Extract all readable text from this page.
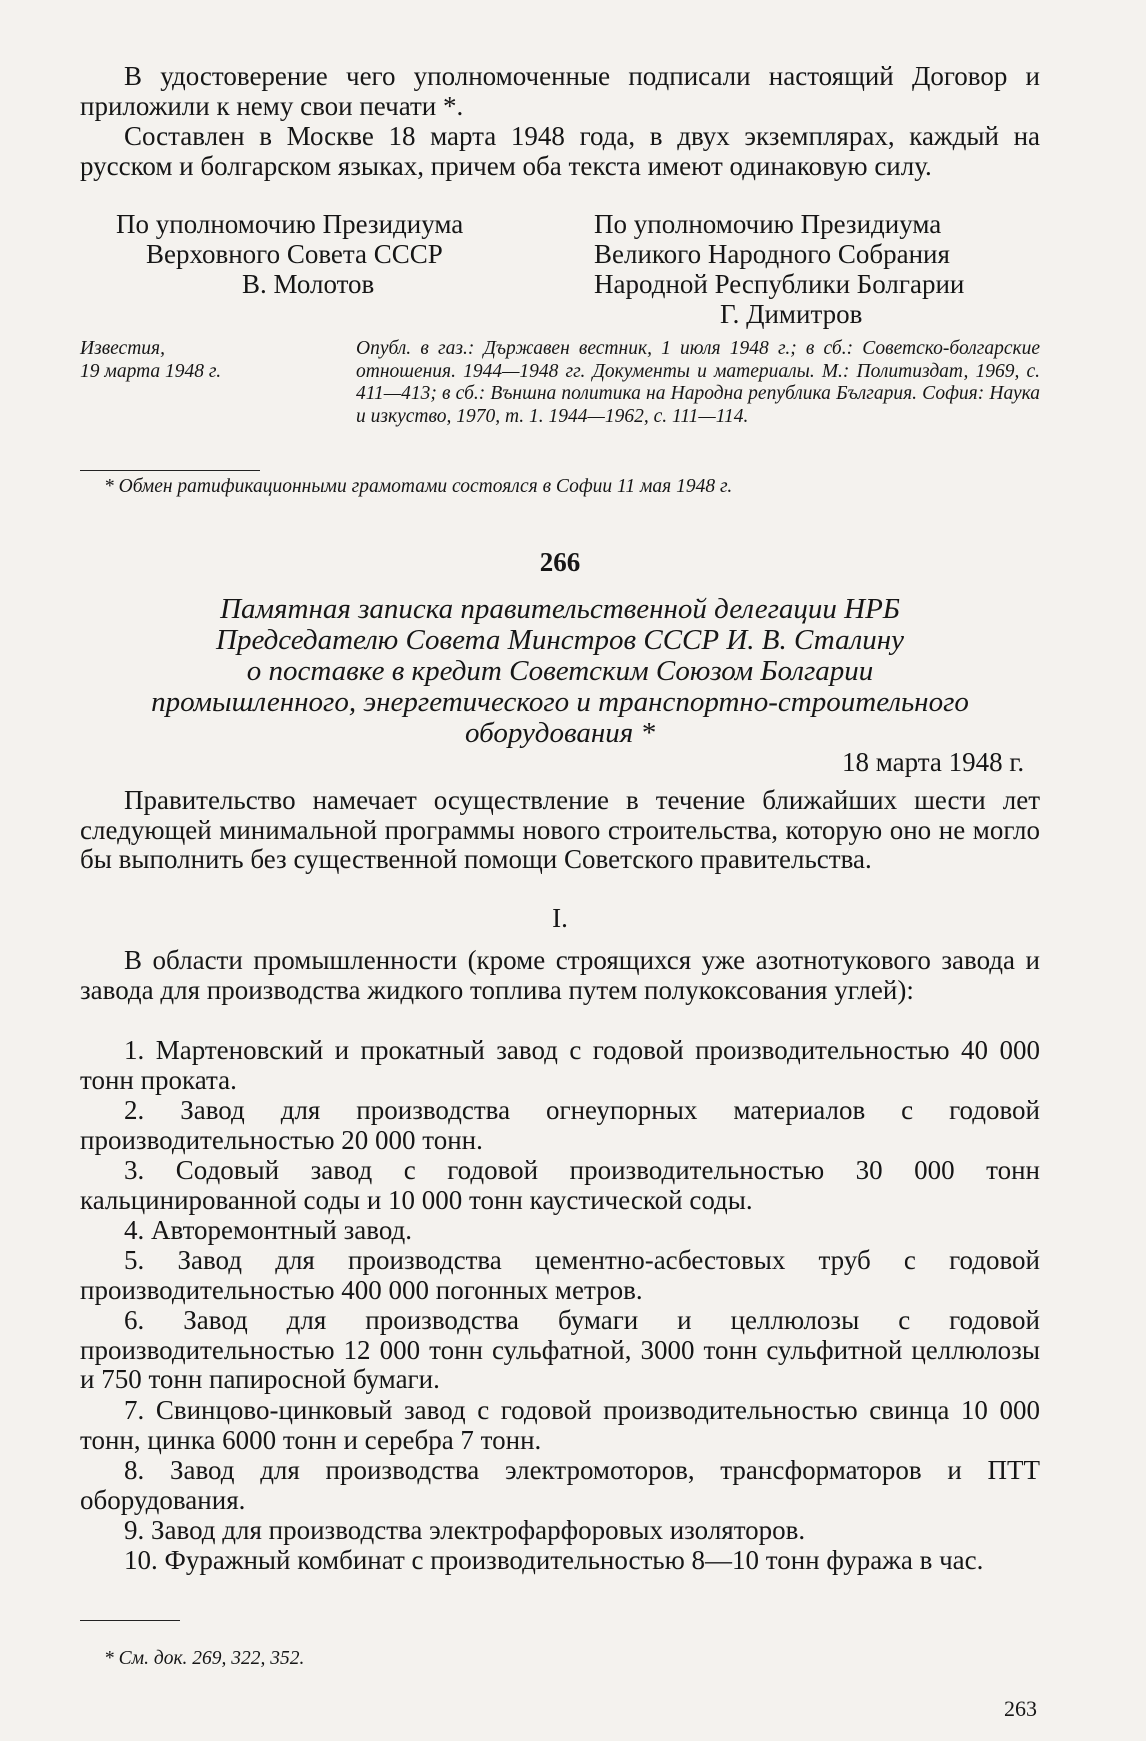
В удостоверение чего уполномоченные подписали настоящий Договор и приложили к нему свои печати *.

Составлен в Москве 18 марта 1948 года, в двух экземплярах, каждый на русском и болгарском языках, причем оба текста имеют одинаковую силу.

По уполномочию Президиума
Верховного Совета СССР
В. Молотов
По уполномочию Президиума
Великого Народного Собрания
Народной Республики Болгарии
Г. Димитров
Известия,
19 марта 1948 г.

Опубл. в газ.: Държавен вестник, 1 июля 1948 г.; в сб.: Советско-болгарские отношения. 1944—1948 гг. Документы и материалы. М.: Политиздат, 1969, с. 411—413; в сб.: Външна политика на Народна република България. София: Наука и изкуство, 1970, т. 1. 1944—1962, с. 111—114.

* Обмен ратификационными грамотами состоялся в Софии 11 мая 1948 г.
266
Памятная записка правительственной делегации НРБ
Председателю Совета Минстров СССР И. В. Сталину
о поставке в кредит Советским Союзом Болгарии
промышленного, энергетического и транспортно-строительного
оборудования *
18 марта 1948 г.

Правительство намечает осуществление в течение ближайших шести лет следующей минимальной программы нового строительства, которую оно не могло бы выполнить без существенной помощи Советского правительства.

I.

В области промышленности (кроме строящихся уже азотнотукового завода и завода для производства жидкого топлива путем полукоксования углей):

1. Мартеновский и прокатный завод с годовой производительностью 40 000 тонн проката.

2. Завод для производства огнеупорных материалов с годовой производительностью 20 000 тонн.

3. Содовый завод с годовой производительностью 30 000 тонн кальцинированной соды и 10 000 тонн каустической соды.

4. Авторемонтный завод.

5. Завод для производства цементно-асбестовых труб с годовой производительностью 400 000 погонных метров.

6. Завод для производства бумаги и целлюлозы с годовой производительностью 12 000 тонн сульфатной, 3000 тонн сульфитной целлюлозы и 750 тонн папиросной бумаги.

7. Свинцово-цинковый завод с годовой производительностью свинца 10 000 тонн, цинка 6000 тонн и серебра 7 тонн.

8. Завод для производства электромоторов, трансформаторов и ПТТ оборудования.

9. Завод для производства электрофарфоровых изоляторов.

10. Фуражный комбинат с производительностью 8—10 тонн фуража в час.

* См. док. 269, 322, 352.
263
